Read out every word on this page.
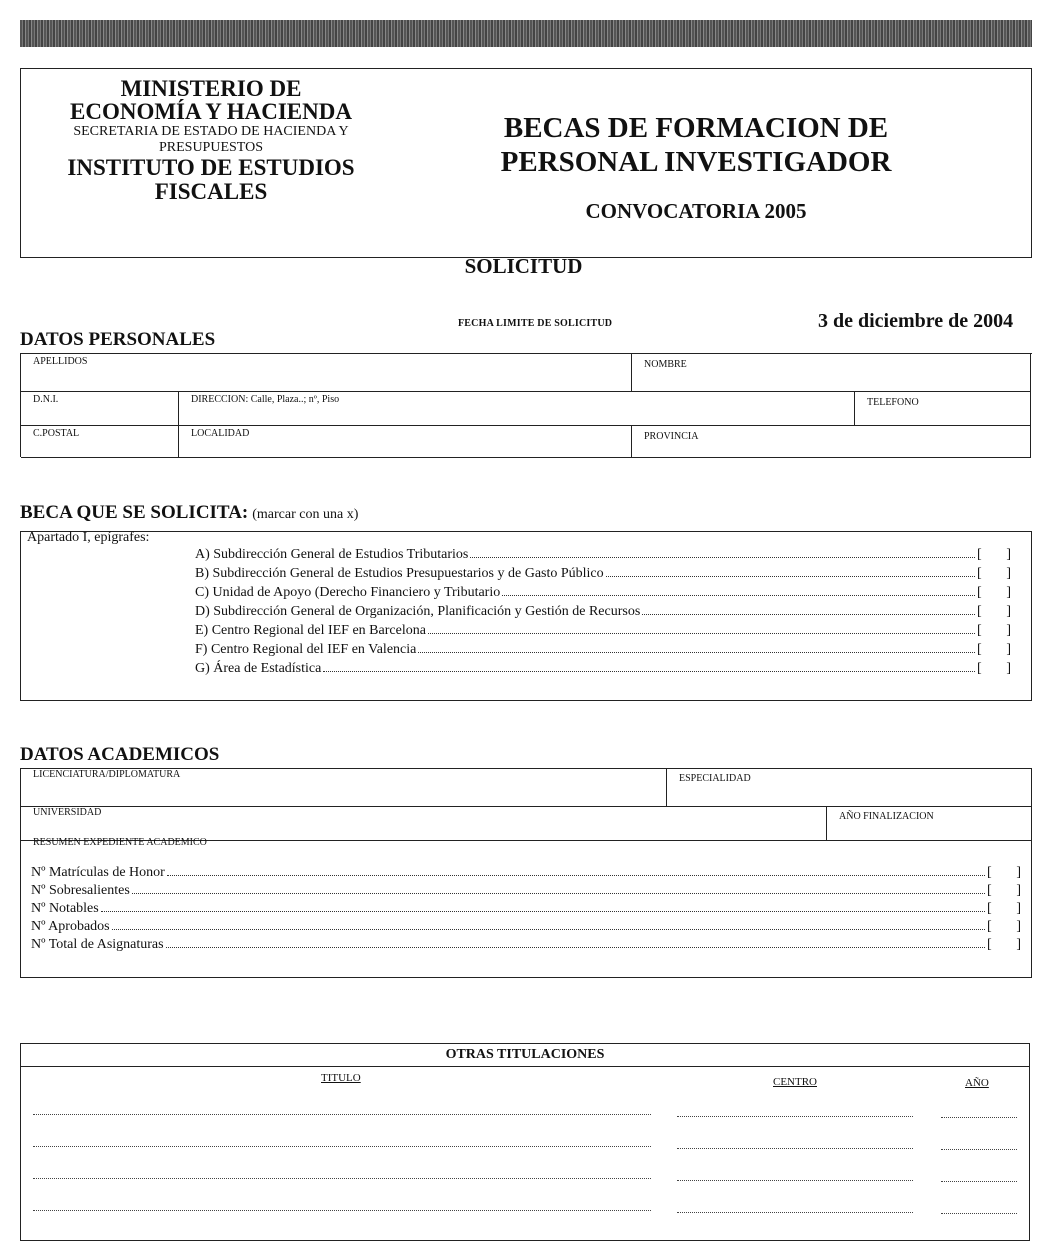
MINISTERIO DE
ECONOMÍA Y HACIENDA
SECRETARIA DE ESTADO DE HACIENDA Y
PRESUPUESTOS
INSTITUTO DE ESTUDIOS
FISCALES
BECAS DE FORMACION DE
PERSONAL INVESTIGADOR
CONVOCATORIA 2005
SOLICITUD
FECHA LIMITE DE SOLICITUD	3 de diciembre de 2004
DATOS PERSONALES
APELLIDOS	NOMBRE
D.N.I.	DIRECCION: Calle, Plaza..; nº, Piso	TELEFONO
C.POSTAL	LOCALIDAD	PROVINCIA
BECA QUE SE SOLICITA: (marcar con una x)
Apartado I, epígrafes:
A) Subdirección General de Estudios Tributarios	[ ]
B) Subdirección General de Estudios Presupuestarios y de Gasto Público	[ ]
C) Unidad de Apoyo (Derecho Financiero y Tributario	[ ]
D) Subdirección General de Organización, Planificación y Gestión de Recursos	[ ]
E) Centro Regional del IEF en Barcelona	[ ]
F) Centro Regional del IEF en Valencia	[ ]
G) Área de Estadística	[ ]
DATOS ACADEMICOS
LICENCIATURA/DIPLOMATURA	ESPECIALIDAD
UNIVERSIDAD	AÑO FINALIZACION
RESUMEN EXPEDIENTE ACADEMICO
Nº Matrículas de Honor	[ ]
Nº Sobresalientes	[ ]
Nº Notables	[ ]
Nº Aprobados	[ ]
Nº Total de Asignaturas	[ ]
OTRAS TITULACIONES
TITULO	CENTRO	AÑO
